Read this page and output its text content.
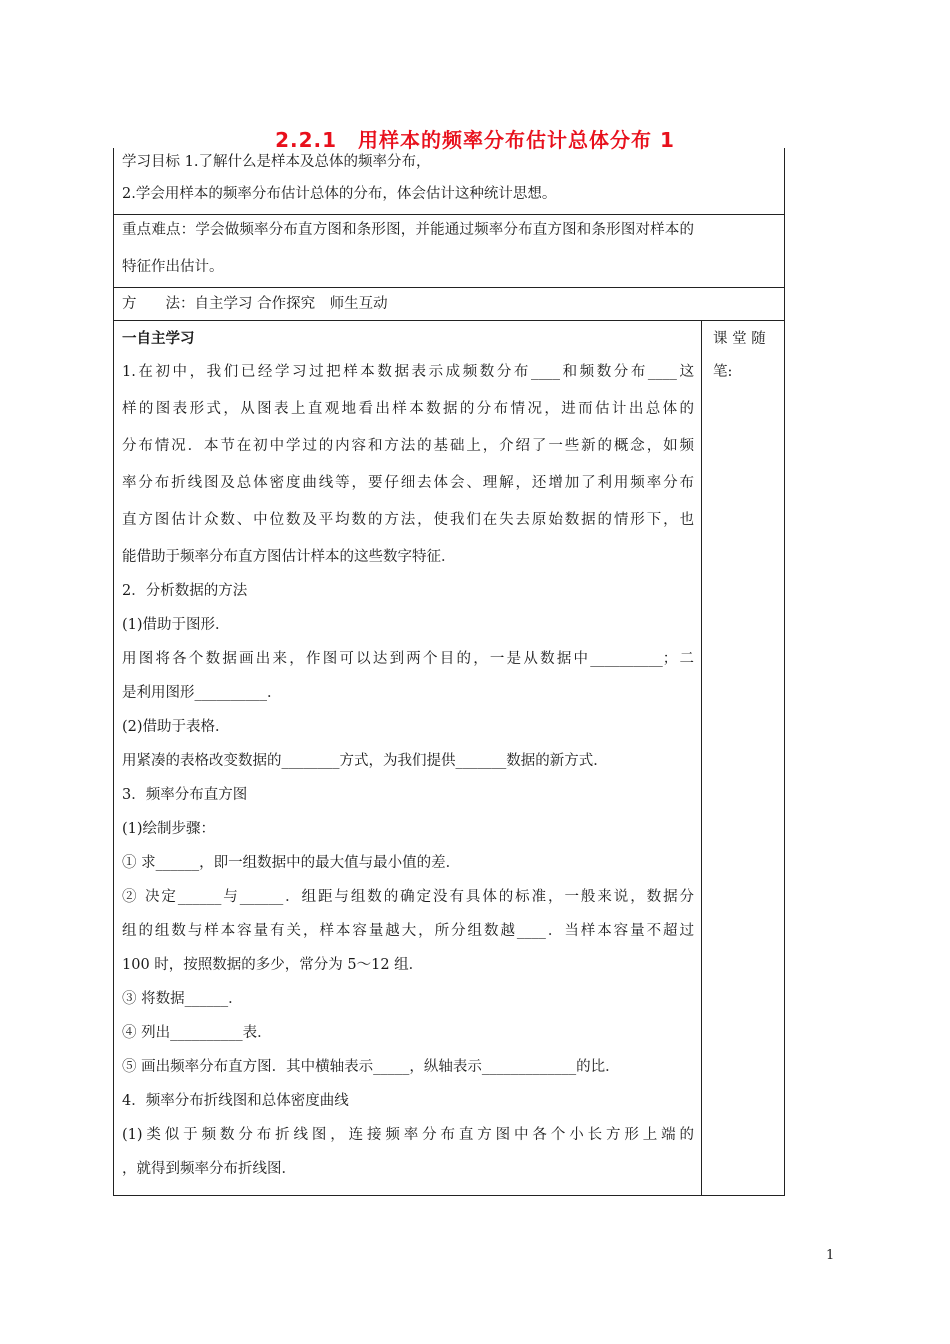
2.2.1　用样本的频率分布估计总体分布 1
学习目标 1.了解什么是样本及总体的频率分布，
2.学会用样本的频率分布估计总体的分布，体会估计这种统计思想。
重点难点：学会做频率分布直方图和条形图，并能通过频率分布直方图和条形图对样本的
特征作出估计。
方　　法：自主学习 合作探究　师生互动
一自主学习
1.在初中，我们已经学习过把样本数据表示成频数分布____和频数分布____这
样的图表形式，从图表上直观地看出样本数据的分布情况，进而估计出总体的
分布情况．本节在初中学过的内容和方法的基础上，介绍了一些新的概念，如频
率分布折线图及总体密度曲线等，要仔细去体会、理解，还增加了利用频率分布
直方图估计众数、中位数及平均数的方法，使我们在失去原始数据的情形下，也
能借助于频率分布直方图估计样本的这些数字特征．
2．分析数据的方法
(1)借助于图形．
用图将各个数据画出来，作图可以达到两个目的，一是从数据中__________；二
是利用图形__________．
(2)借助于表格．
用紧凑的表格改变数据的________方式，为我们提供_______数据的新方式．
3．频率分布直方图
(1)绘制步骤：
① 求______，即一组数据中的最大值与最小值的差．
② 决定______与______．组距与组数的确定没有具体的标准，一般来说，数据分
组的组数与样本容量有关，样本容量越大，所分组数越____．当样本容量不超过
100 时，按照数据的多少，常分为 5～12 组．
③ 将数据______．
④ 列出__________表．
⑤ 画出频率分布直方图．其中横轴表示_____，纵轴表示_____________的比．
4．频率分布折线图和总体密度曲线
(1)类似于频数分布折线图，连接频率分布直方图中各个小长方形上端的
，就得到频率分布折线图．
课 堂 随
笔:
1
